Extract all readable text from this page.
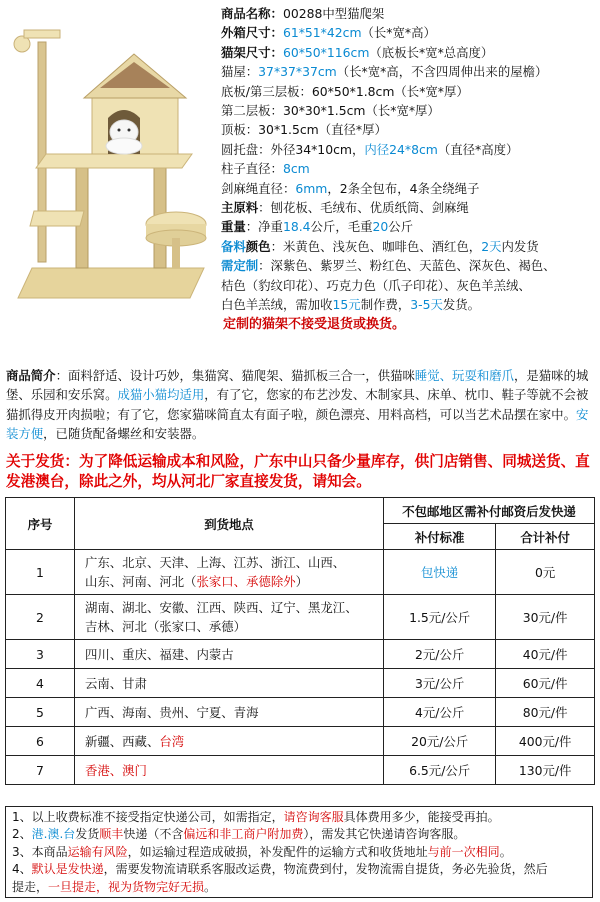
商品名称：00288中型猫爬架
外箱尺寸：61*51*42cm（长*宽*高）
猫架尺寸：60*50*116cm（底板长*宽*总高度）
猫屋：37*37*37cm（长*宽*高，不含四周伸出来的屋檐）
底板/第三层板：60*50*1.8cm（长*宽*厚）
第二层板：30*30*1.5cm（长*宽*厚）
顶板：30*1.5cm（直径*厚）
圆托盘：外径34*10cm，内径24*8cm（直径*高度）
柱子直径：8cm
剑麻绳直径：6mm，2条全包布，4条全绕绳子
主原料：刨花板、毛绒布、优质纸筒、剑麻绳
重量：净重18.4公斤，毛重20公斤
备料颜色：米黄色、浅灰色、咖啡色、酒红色，2天内发货
需定制：深紫色、紫罗兰、粉红色、天蓝色、深灰色、褐色、
桔色（豹纹印花）、巧克力色（爪子印花）、灰色羊羔绒、
白色羊羔绒，需加收15元制作费，3-5天发货。
定制的猫架不接受退货或换货。
商品简介：面料舒适、设计巧妙，集猫窝、猫爬架、猫抓板三合一，供猫咪睡觉、玩耍和磨爪，是猫咪的城堡、乐园和安乐窝。成猫小猫均适用，有了它，您家的布艺沙发、木制家具、床单、枕巾、鞋子等就不会被猫抓得皮开肉损啦；有了它，您家猫咪简直太有面子啦，颜色漂亮、用料高档，可以当艺术品摆在家中。安装方便，已随货配备螺丝和安装器。
关于发货：为了降低运输成本和风险，广东中山只备少量库存，供门店销售、同城送货、直发港澳台，除此之外，均从河北厂家直接发货，请知会。
序号	到货地点	不包邮地区需补付邮资后发快递	
		补付标准	合计补付
1	广东、北京、天津、上海、江苏、浙江、山西、
山东、河南、河北（张家口、承德除外）	包快递	0元
2	湖南、湖北、安徽、江西、陕西、辽宁、黑龙江、
吉林、河北（张家口、承德）	1.5元/公斤	30元/件
3	四川、重庆、福建、内蒙古	2元/公斤	40元/件
4	云南、甘肃	3元/公斤	60元/件
5	广西、海南、贵州、宁夏、青海	4元/公斤	80元/件
6	新疆、西藏、台湾	20元/公斤	400元/件
7	香港、澳门	6.5元/公斤	130元/件
1、以上收费标准不接受指定快递公司，如需指定，请咨询客服具体费用多少，能接受再拍。
2、港.澳.台发货顺丰快递（不含偏远和非工商户附加费），需发其它快递请咨询客服。
3、本商品运输有风险，如运输过程造成破损，补发配件的运输方式和收货地址与前一次相同。
4、默认是发快递，需要发物流请联系客服改运费，物流费到付，发物流需自提货，务必先验货，然后
提走，一旦提走，视为货物完好无损。
